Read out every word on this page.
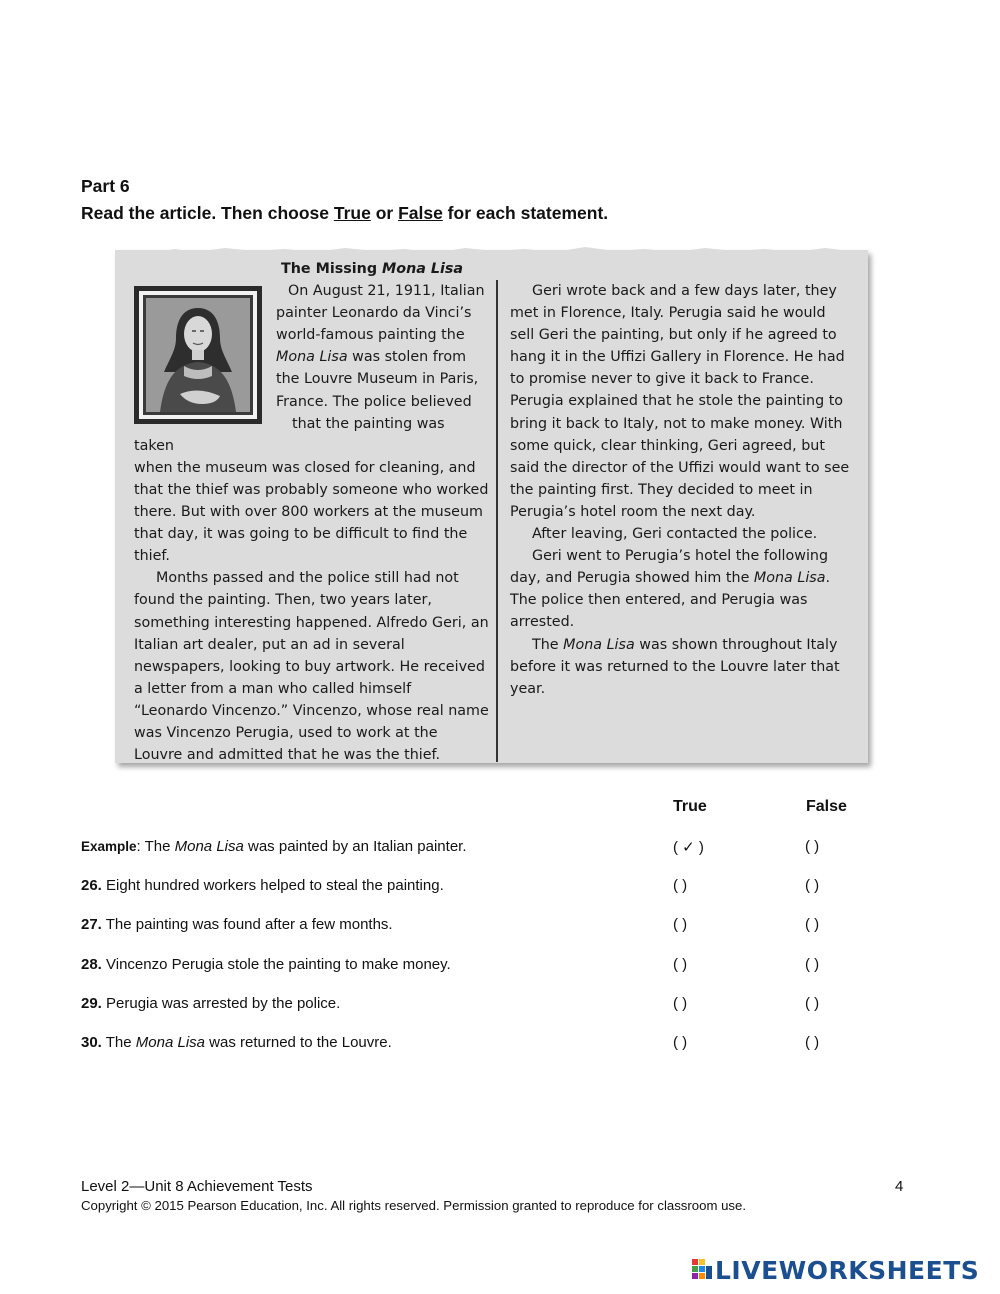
Part 6

Read the article. Then choose True or False for each statement.

The Missing Mona Lisa

On August 21, 1911, Italian
painter Leonardo da Vinci’s
world-famous painting the
Mona Lisa was stolen from
the Louvre Museum in Paris,
France. The police believed
that the painting was taken
when the museum was closed for cleaning, and that the thief was probably someone who worked there. But with over 800 workers at the museum that day, it was going to be difficult to find the thief.

Months passed and the police still had not found the painting. Then, two years later, something interesting happened. Alfredo Geri, an Italian art dealer, put an ad in several newspapers, looking to buy artwork. He received a letter from a man who called himself “Leonardo Vincenzo.” Vincenzo, whose real name was Vincenzo Perugia, used to work at the Louvre and admitted that he was the thief.

Geri wrote back and a few days later, they met in Florence, Italy. Perugia said he would sell Geri the painting, but only if he agreed to hang it in the Uffizi Gallery in Florence. He had to promise never to give it back to France. Perugia explained that he stole the painting to bring it back to Italy, not to make money. With some quick, clear thinking, Geri agreed, but said the director of the Uffizi would want to see the painting first. They decided to meet in Perugia’s hotel room the next day.

After leaving, Geri contacted the police.

Geri went to Perugia’s hotel the following day, and Perugia showed him the Mona Lisa. The police then entered, and Perugia was arrested.

The Mona Lisa was shown throughout Italy before it was returned to the Louvre later that year.

True	False
Example: The Mona Lisa was painted by an Italian painter.	( ✓ )	( )
26. Eight hundred workers helped to steal the painting.	( )	( )
27. The painting was found after a few months.	( )	( )
28. Vincenzo Perugia stole the painting to make money.	( )	( )
29. Perugia was arrested by the police.	( )	( )
30. The Mona Lisa was returned to the Louvre.	( )	( )
Level 2—Unit 8 Achievement Tests	4
Copyright © 2015 Pearson Education, Inc. All rights reserved. Permission granted to reproduce for classroom use.
LIVEWORKSHEETS
